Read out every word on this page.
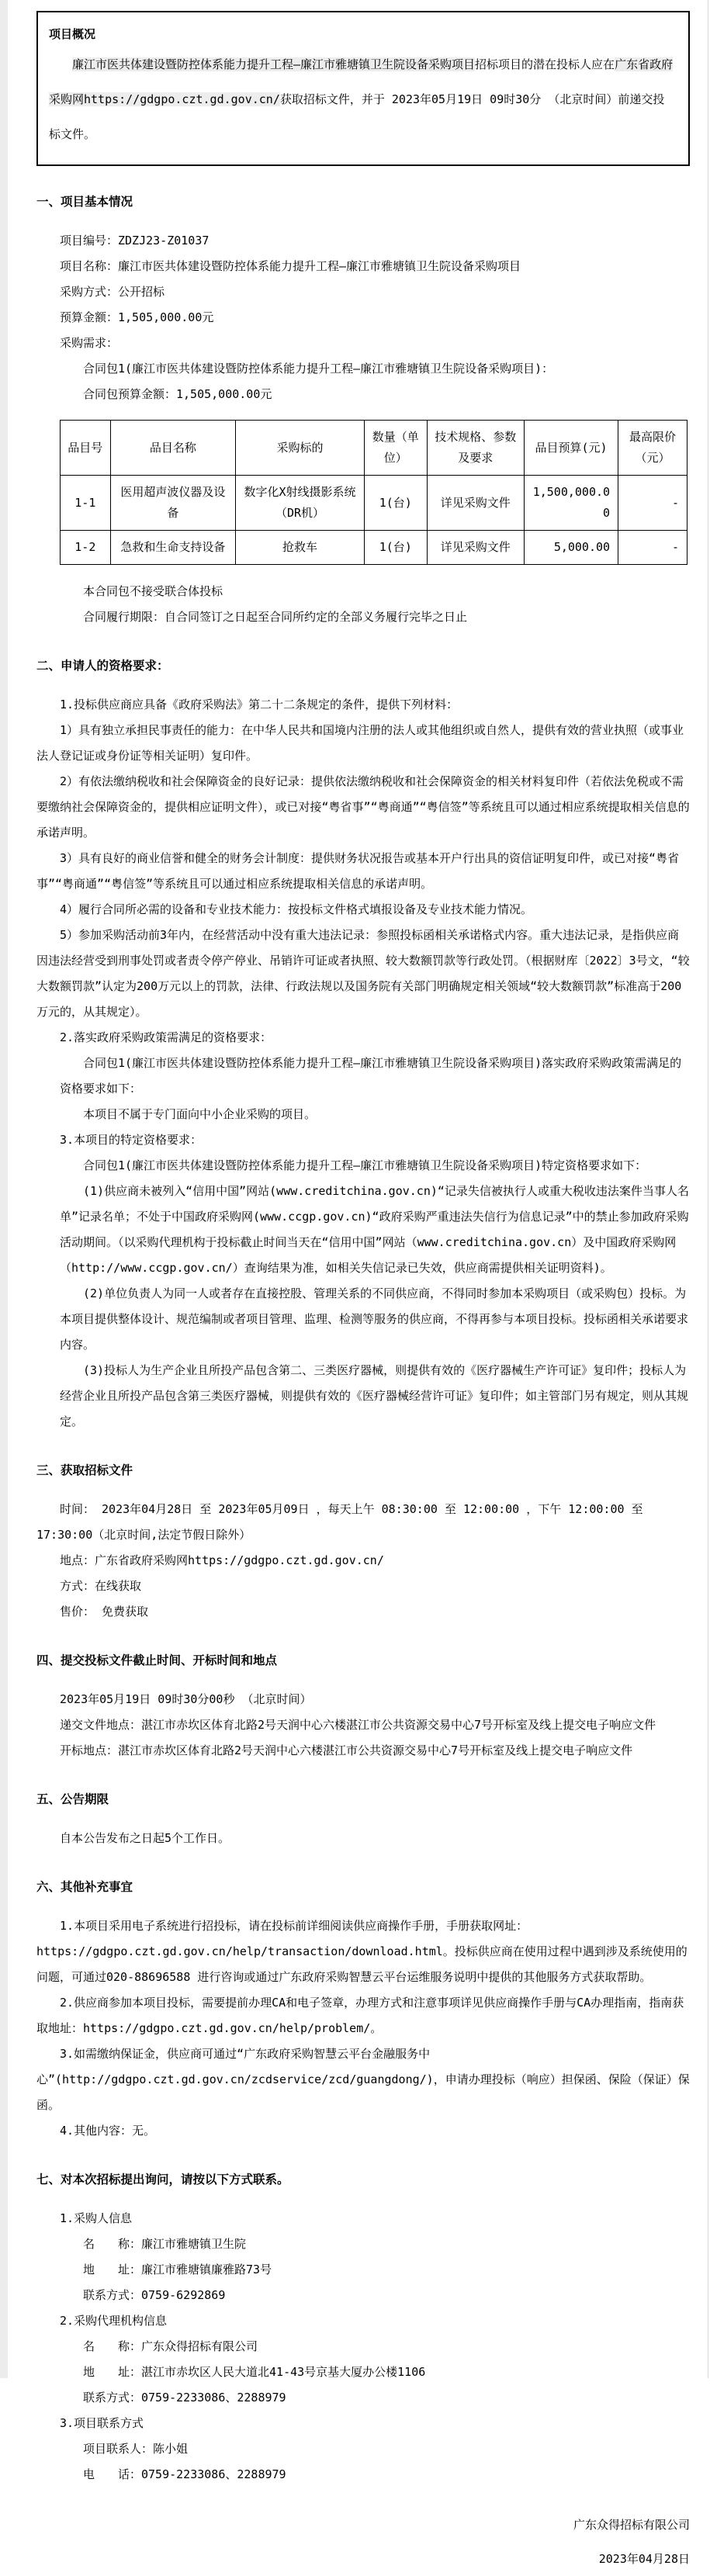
项目概况

廉江市医共体建设暨防控体系能力提升工程—廉江市雅塘镇卫生院设备采购项目招标项目的潜在投标人应在广东省政府采购网https://gdgpo.czt.gd.gov.cn/获取招标文件，并于 2023年05月19日 09时30分 （北京时间）前递交投标文件。

一、项目基本情况

项目编号：ZDZJ23-Z01037

项目名称：廉江市医共体建设暨防控体系能力提升工程—廉江市雅塘镇卫生院设备采购项目

采购方式：公开招标

预算金额：1,505,000.00元

采购需求：

合同包1(廉江市医共体建设暨防控体系能力提升工程—廉江市雅塘镇卫生院设备采购项目)：

合同包预算金额：1,505,000.00元

品目号	品目名称	采购标的	数量（单位）	技术规格、参数及要求	品目预算(元)	最高限价（元）
1-1	医用超声波仪器及设备	数字化X射线摄影系统（DR机）	1(台)	详见采购文件	1,500,000.00	-
1-2	急救和生命支持设备	抢救车	1(台)	详见采购文件	5,000.00	-

本合同包不接受联合体投标

合同履行期限：自合同签订之日起至合同所约定的全部义务履行完毕之日止

二、申请人的资格要求：

1.投标供应商应具备《政府采购法》第二十二条规定的条件，提供下列材料：

1）具有独立承担民事责任的能力：在中华人民共和国境内注册的法人或其他组织或自然人，提供有效的营业执照（或事业法人登记证或身份证等相关证明）复印件。

2）有依法缴纳税收和社会保障资金的良好记录：提供依法缴纳税收和社会保障资金的相关材料复印件（若依法免税或不需要缴纳社会保障资金的，提供相应证明文件），或已对接“粤省事”“粤商通”“粤信签”等系统且可以通过相应系统提取相关信息的承诺声明。

3）具有良好的商业信誉和健全的财务会计制度：提供财务状况报告或基本开户行出具的资信证明复印件，或已对接“粤省事”“粤商通”“粤信签”等系统且可以通过相应系统提取相关信息的承诺声明。

4）履行合同所必需的设备和专业技术能力：按投标文件格式填报设备及专业技术能力情况。

5）参加采购活动前3年内，在经营活动中没有重大违法记录：参照投标函相关承诺格式内容。重大违法记录，是指供应商因违法经营受到刑事处罚或者责令停产停业、吊销许可证或者执照、较大数额罚款等行政处罚。（根据财库〔2022〕3号文，“较大数额罚款”认定为200万元以上的罚款，法律、行政法规以及国务院有关部门明确规定相关领域“较大数额罚款”标准高于200万元的，从其规定）。

2.落实政府采购政策需满足的资格要求：

合同包1(廉江市医共体建设暨防控体系能力提升工程—廉江市雅塘镇卫生院设备采购项目)落实政府采购政策需满足的资格要求如下：

本项目不属于专门面向中小企业采购的项目。

3.本项目的特定资格要求：

合同包1(廉江市医共体建设暨防控体系能力提升工程—廉江市雅塘镇卫生院设备采购项目)特定资格要求如下：

(1)供应商未被列入“信用中国”网站(www.creditchina.gov.cn)“记录失信被执行人或重大税收违法案件当事人名单”记录名单；不处于中国政府采购网(www.ccgp.gov.cn)“政府采购严重违法失信行为信息记录”中的禁止参加政府采购活动期间。（以采购代理机构于投标截止时间当天在“信用中国”网站（www.creditchina.gov.cn）及中国政府采购网（http://www.ccgp.gov.cn/）查询结果为准，如相关失信记录已失效，供应商需提供相关证明资料)。

(2)单位负责人为同一人或者存在直接控股、管理关系的不同供应商，不得同时参加本采购项目（或采购包）投标。为本项目提供整体设计、规范编制或者项目管理、监理、检测等服务的供应商，不得再参与本项目投标。投标函相关承诺要求内容。

(3)投标人为生产企业且所投产品包含第二、三类医疗器械，则提供有效的《医疗器械生产许可证》复印件；投标人为经营企业且所投产品包含第三类医疗器械，则提供有效的《医疗器械经营许可证》复印件；如主管部门另有规定，则从其规定。

三、获取招标文件

时间： 2023年04月28日 至 2023年05月09日 ，每天上午 08:30:00 至 12:00:00 ，下午 12:00:00 至 17:30:00（北京时间,法定节假日除外）

地点：广东省政府采购网https://gdgpo.czt.gd.gov.cn/

方式：在线获取

售价： 免费获取

四、提交投标文件截止时间、开标时间和地点

2023年05月19日 09时30分00秒 （北京时间）

递交文件地点：湛江市赤坎区体育北路2号天润中心六楼湛江市公共资源交易中心7号开标室及线上提交电子响应文件

开标地点：湛江市赤坎区体育北路2号天润中心六楼湛江市公共资源交易中心7号开标室及线上提交电子响应文件

五、公告期限

自本公告发布之日起5个工作日。

六、其他补充事宜

1.本项目采用电子系统进行招投标，请在投标前详细阅读供应商操作手册，手册获取网址：https://gdgpo.czt.gd.gov.cn/help/transaction/download.html。投标供应商在使用过程中遇到涉及系统使用的问题，可通过020-88696588 进行咨询或通过广东政府采购智慧云平台运维服务说明中提供的其他服务方式获取帮助。

2.供应商参加本项目投标，需要提前办理CA和电子签章，办理方式和注意事项详见供应商操作手册与CA办理指南，指南获取地址：https://gdgpo.czt.gd.gov.cn/help/problem/。

3.如需缴纳保证金，供应商可通过“广东政府采购智慧云平台金融服务中心”(http://gdgpo.czt.gd.gov.cn/zcdservice/zcd/guangdong/)，申请办理投标（响应）担保函、保险（保证）保函。

4.其他内容：无。

七、对本次招标提出询问，请按以下方式联系。

1.采购人信息

名　　称：廉江市雅塘镇卫生院

地　　址：廉江市雅塘镇廉雅路73号

联系方式：0759-6292869

2.采购代理机构信息

名　　称：广东众得招标有限公司

地　　址：湛江市赤坎区人民大道北41-43号京基大厦办公楼1106

联系方式：0759-2233086、2288979

3.项目联系方式

项目联系人：陈小姐

电　　话：0759-2233086、2288979

广东众得招标有限公司

2023年04月28日
